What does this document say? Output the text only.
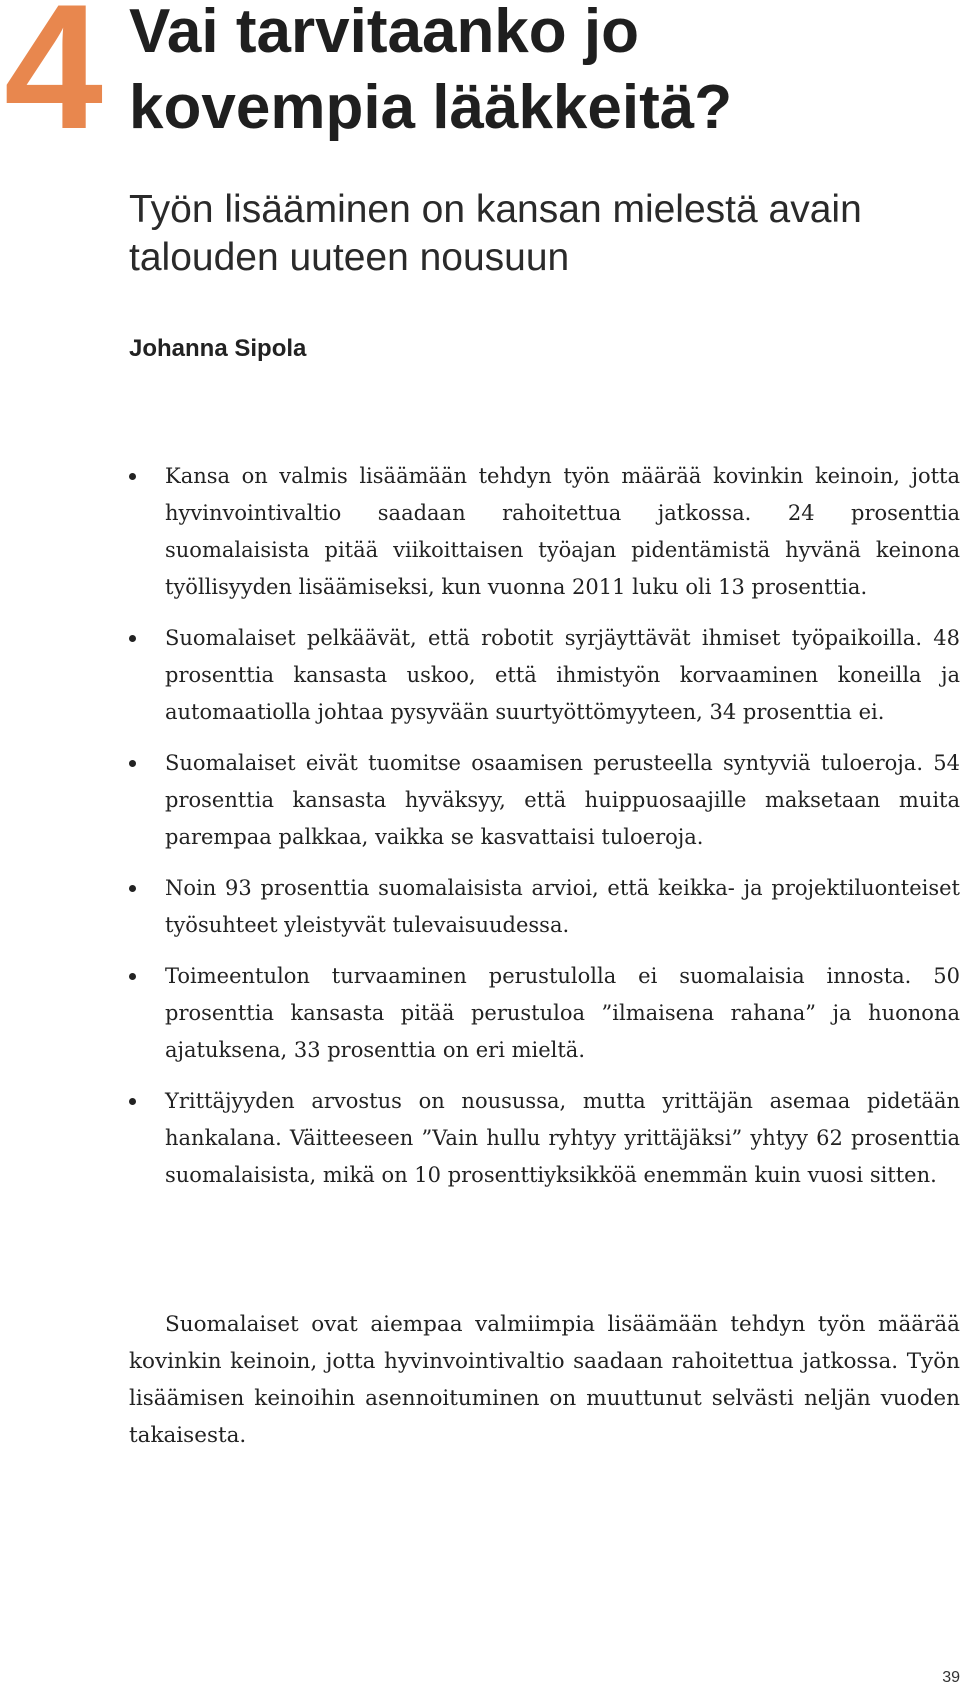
4 Vai tarvitaanko jo kovempia lääkkeitä?
Työn lisääminen on kansan mielestä avain talouden uuteen nousuun

Johanna Sipola

Kansa on valmis lisäämään tehdyn työn määrää kovinkin keinoin, jotta hyvinvointivaltio saadaan rahoitettua jatkossa. 24 prosenttia suomalaisista pitää viikoittaisen työajan pidentämistä hyvänä keinona työllisyyden lisäämiseksi, kun vuonna 2011 luku oli 13 prosenttia.
Suomalaiset pelkäävät, että robotit syrjäyttävät ihmiset työpaikoilla. 48 prosenttia kansasta uskoo, että ihmistyön korvaaminen koneilla ja automaatiolla johtaa pysyvään suurtyöttömyyteen, 34 prosenttia ei.
Suomalaiset eivät tuomitse osaamisen perusteella syntyviä tuloeroja. 54 prosenttia kansasta hyväksyy, että huippuosaajille maksetaan muita parempaa palkkaa, vaikka se kasvattaisi tuloeroja.
Noin 93 prosenttia suomalaisista arvioi, että keikka- ja projektiluonteiset työsuhteet yleistyvät tulevaisuudessa.
Toimeentulon turvaaminen perustulolla ei suomalaisia innosta. 50 prosenttia kansasta pitää perustuloa ”ilmaisena rahana” ja huonona ajatuksena, 33 prosenttia on eri mieltä.
Yrittäjyyden arvostus on nousussa, mutta yrittäjän asemaa pidetään hankalana. Väitteeseen ”Vain hullu ryhtyy yrittäjäksi” yhtyy 62 prosenttia suomalaisista, mikä on 10 prosenttiyksikköä enemmän kuin vuosi sitten.

Suomalaiset ovat aiempaa valmiimpia lisäämään tehdyn työn määrää kovinkin keinoin, jotta hyvinvointivaltio saadaan rahoitettua jatkossa. Työn lisäämisen keinoihin asennoituminen on muuttunut selvästi neljän vuoden takaisesta.

39
